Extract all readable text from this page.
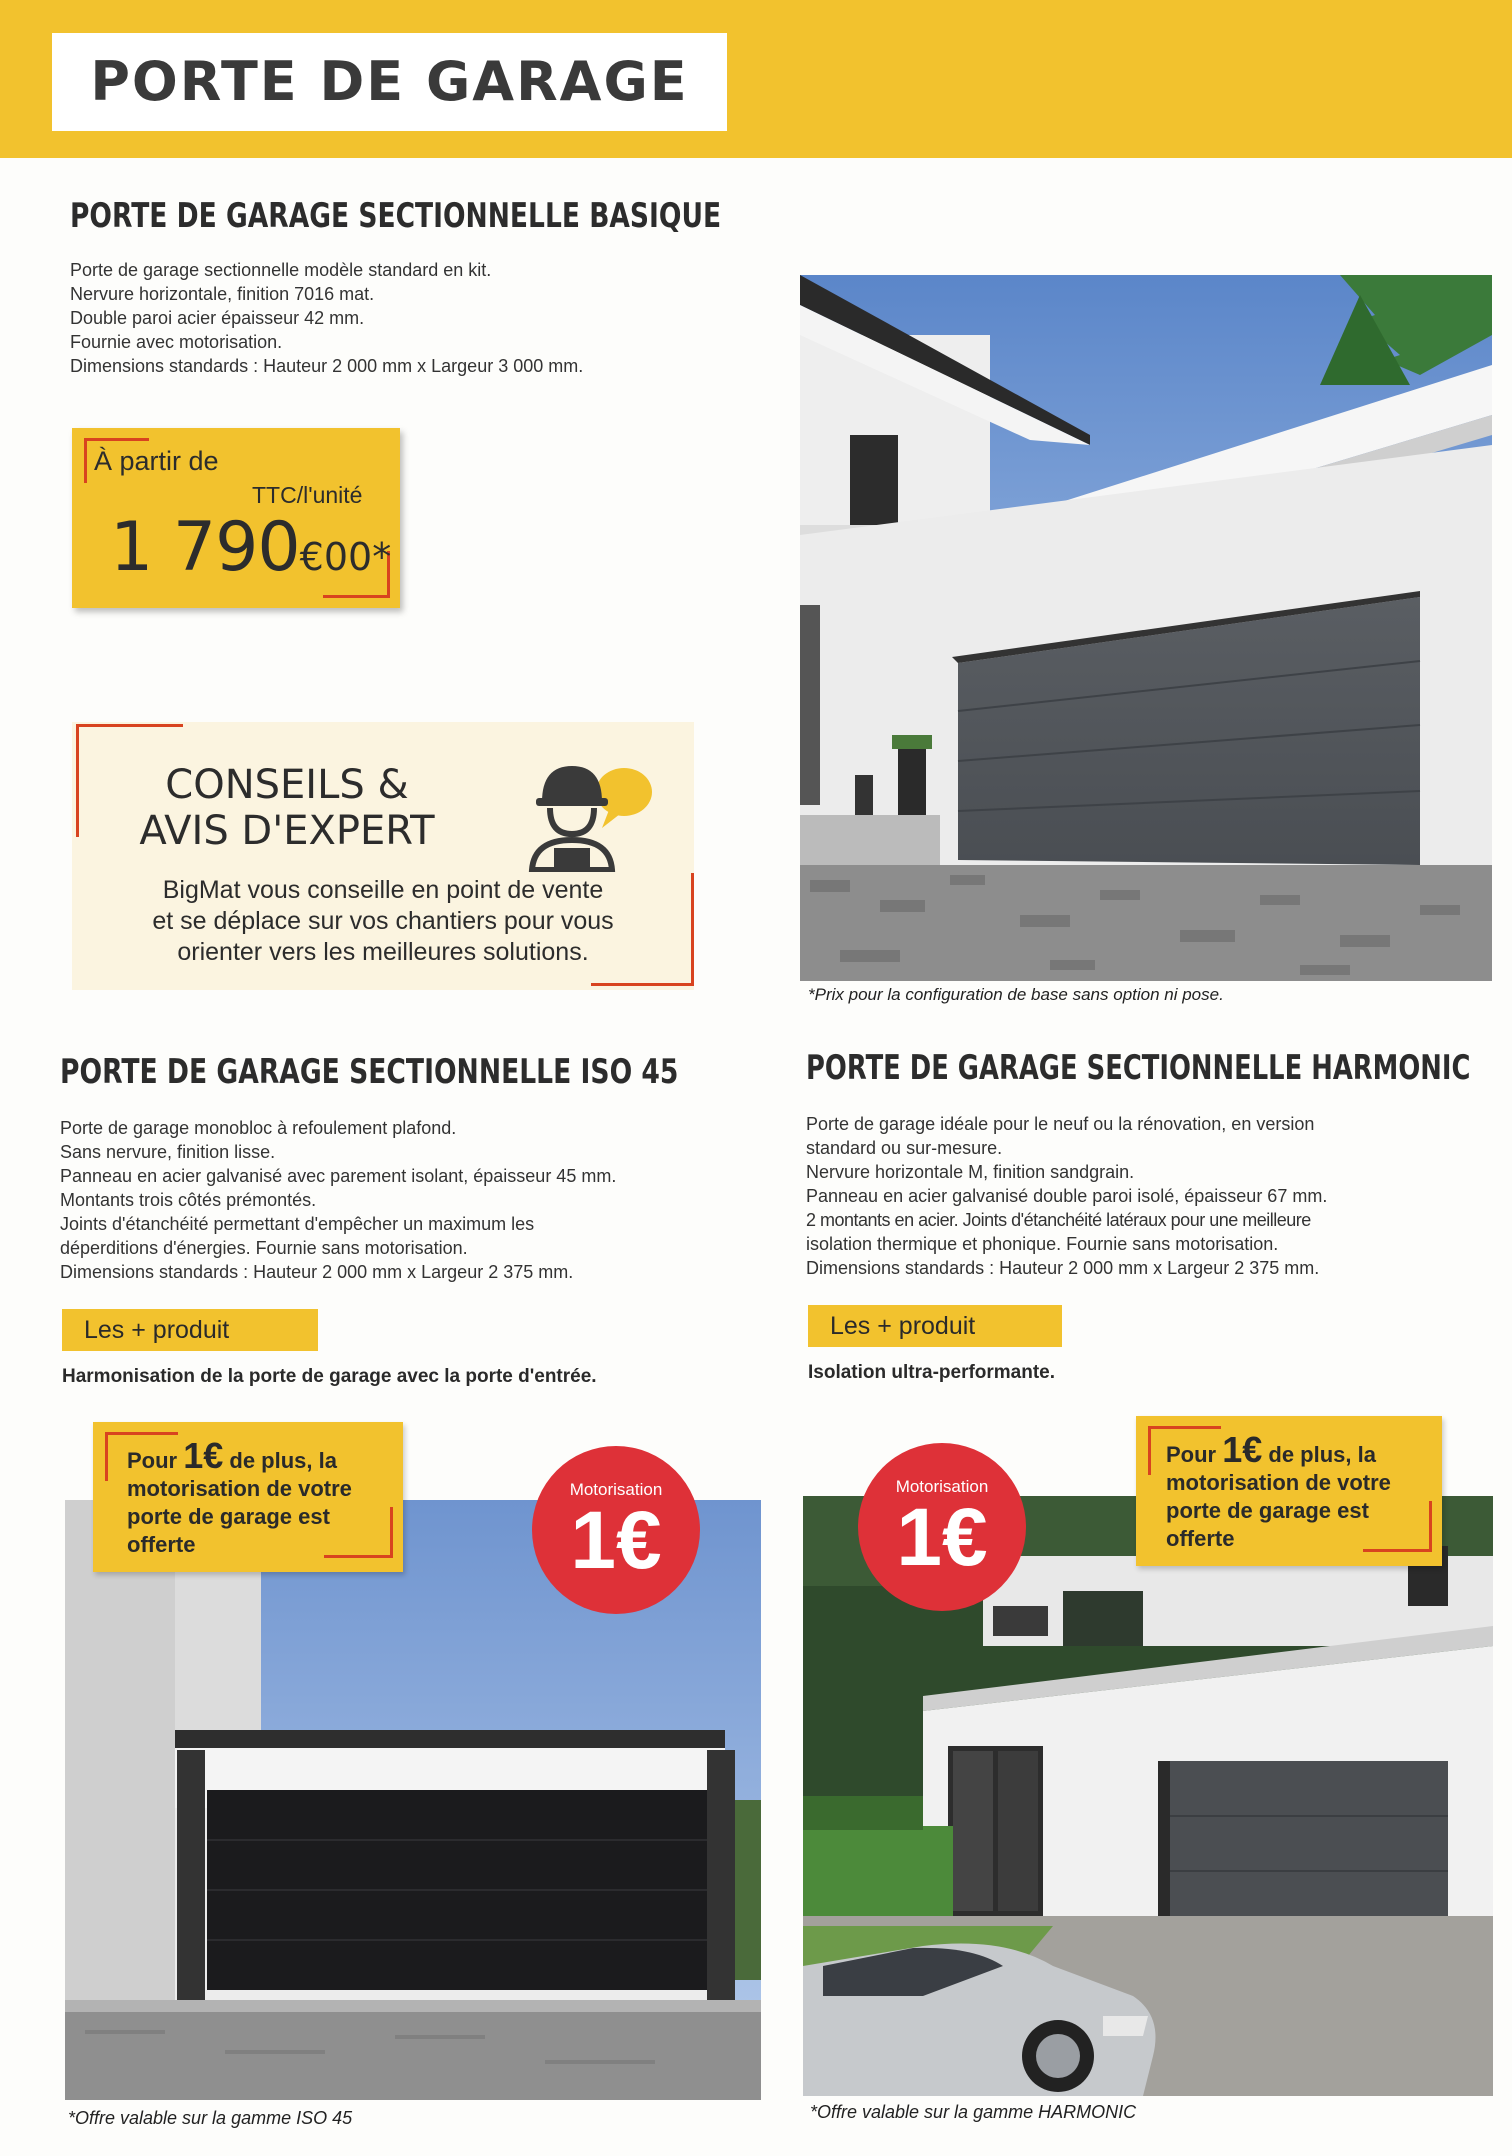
PORTE DE GARAGE
PORTE DE GARAGE SECTIONNELLE BASIQUE
Porte de garage sectionnelle modèle standard en kit.
Nervure horizontale, finition 7016 mat.
Double paroi acier épaisseur 42 mm.
Fournie avec motorisation.
Dimensions standards : Hauteur 2 000 mm x Largeur 3 000 mm.
À partir de
TTC/l'unité
1 790€00*
*Prix pour la configuration de base sans option ni pose.
CONSEILS &
AVIS D'EXPERT
BigMat vous conseille en point de vente
et se déplace sur vos chantiers pour vous
orienter vers les meilleures solutions.
PORTE DE GARAGE SECTIONNELLE ISO 45
Porte de garage monobloc à refoulement plafond.
Sans nervure, finition lisse.
Panneau en acier galvanisé avec parement isolant, épaisseur 45 mm.
Montants trois côtés prémontés.
Joints d'étanchéité permettant d'empêcher un maximum les
déperditions d'énergies. Fournie sans motorisation.
Dimensions standards : Hauteur 2 000 mm x Largeur 2 375 mm.
Les + produit
Harmonisation de la porte de garage avec la porte d'entrée.
Pour 1€ de plus, la
motorisation de votre
porte de garage est
offerte
Motorisation
1€
*Offre valable sur la gamme ISO 45
PORTE DE GARAGE SECTIONNELLE HARMONIC
Porte de garage idéale pour le neuf ou la rénovation, en version
standard ou sur-mesure.
Nervure horizontale M, finition sandgrain.
Panneau en acier galvanisé double paroi isolé, épaisseur 67 mm.
2 montants en acier. Joints d'étanchéité latéraux pour une meilleure
isolation thermique et phonique. Fournie sans motorisation.
Dimensions standards : Hauteur 2 000 mm x Largeur 2 375 mm.
Les + produit
Isolation ultra-performante.
Pour 1€ de plus, la
motorisation de votre
porte de garage est
offerte
Motorisation
1€
*Offre valable sur la gamme HARMONIC
